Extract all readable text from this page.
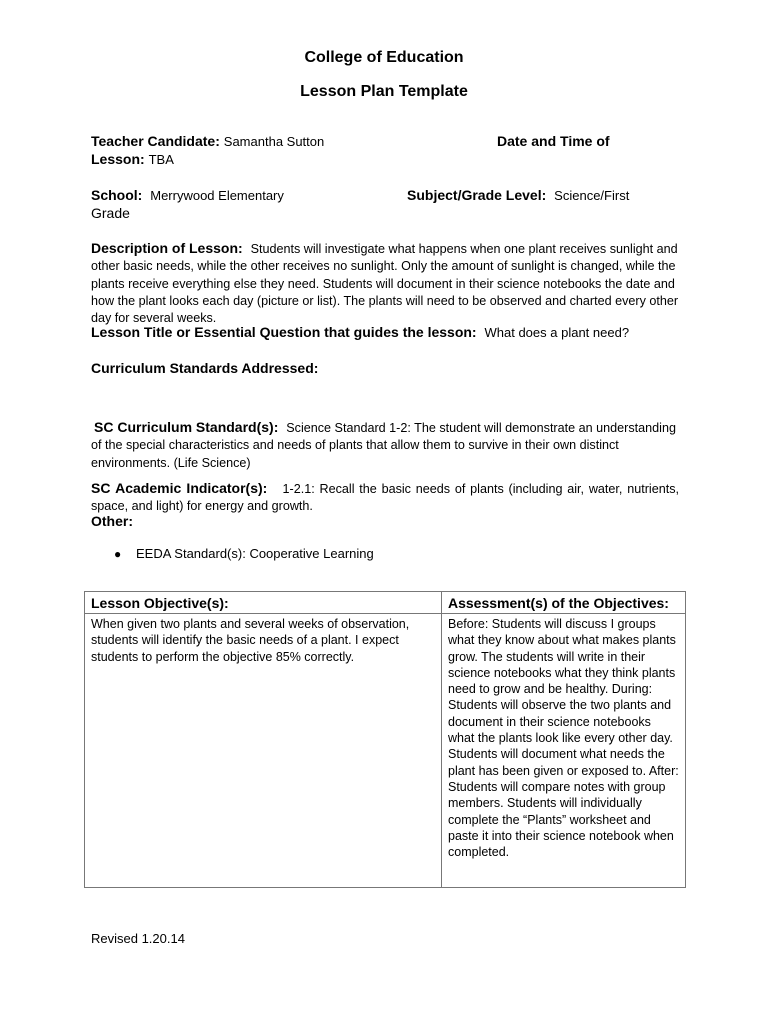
College of Education
Lesson Plan Template
Teacher Candidate: Samantha Sutton	Date and Time of
Lesson: TBA
School: Merrywood Elementary	Subject/Grade Level: Science/First
Grade
Description of Lesson: Students will investigate what happens when one plant receives sunlight and other basic needs, while the other receives no sunlight. Only the amount of sunlight is changed, while the plants receive everything else they need. Students will document in their science notebooks the date and how the plant looks each day (picture or list). The plants will need to be observed and charted every other day for several weeks.
Lesson Title or Essential Question that guides the lesson: What does a plant need?
Curriculum Standards Addressed:
SC Curriculum Standard(s): Science Standard 1-2: The student will demonstrate an understanding of the special characteristics and needs of plants that allow them to survive in their own distinct environments. (Life Science)
SC Academic Indicator(s): 1-2.1: Recall the basic needs of plants (including air, water, nutrients, space, and light) for energy and growth.
Other:
● EEDA Standard(s): Cooperative Learning
Lesson Objective(s):	Assessment(s) of the Objectives:
When given two plants and several weeks of observation, students will identify the basic needs of a plant. I expect students to perform the objective 85% correctly.	Before: Students will discuss I groups what they know about what makes plants grow. The students will write in their science notebooks what they think plants need to grow and be healthy. During: Students will observe the two plants and document in their science notebooks what the plants look like every other day. Students will document what needs the plant has been given or exposed to. After: Students will compare notes with group members. Students will individually complete the “Plants” worksheet and paste it into their science notebook when completed.
Revised 1.20.14
